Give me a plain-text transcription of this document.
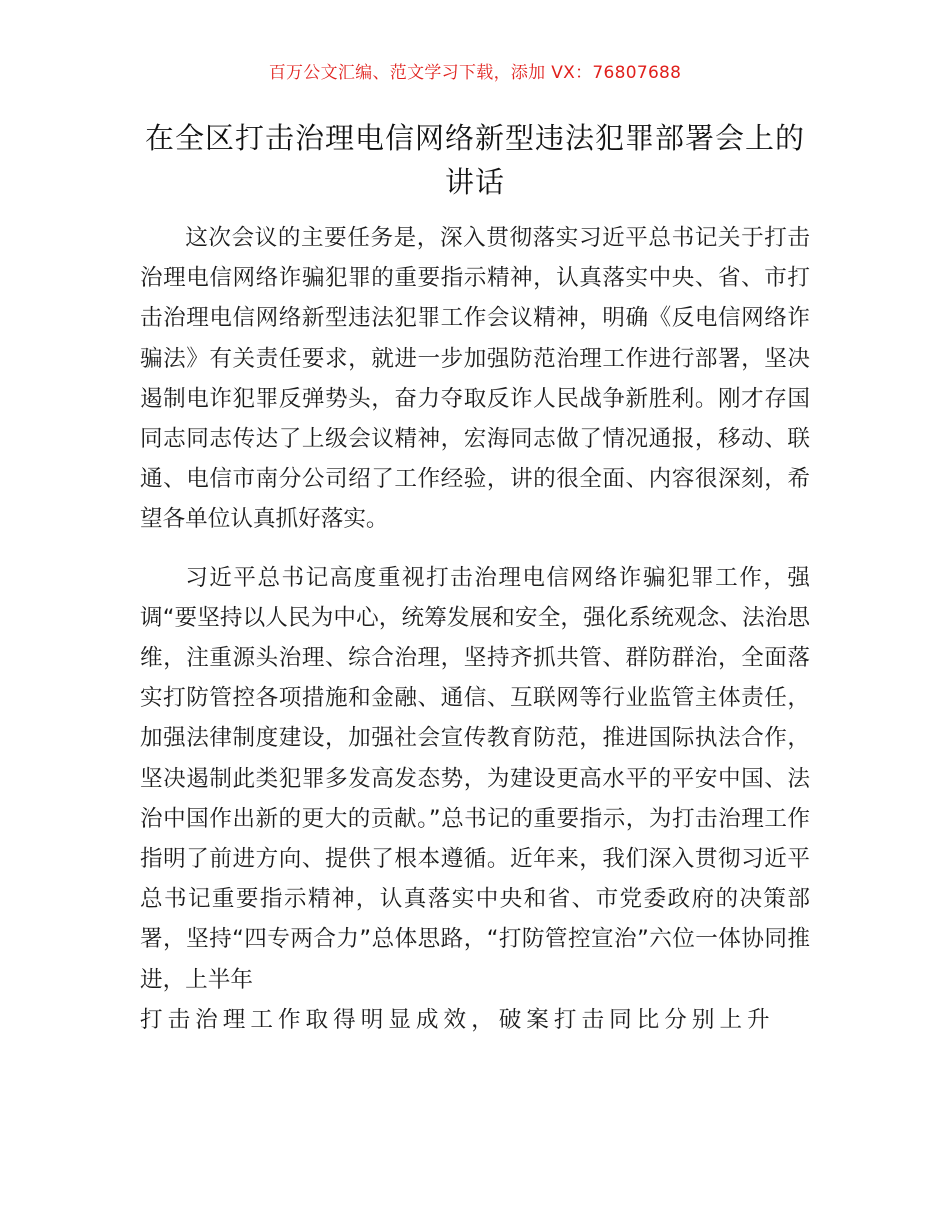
百万公文汇编、范文学习下载，添加 VX：76807688
在全区打击治理电信网络新型违法犯罪部署会上的讲话

这次会议的主要任务是，深入贯彻落实习近平总书记关于打击治理电信网络诈骗犯罪的重要指示精神，认真落实中央、省、市打击治理电信网络新型违法犯罪工作会议精神，明确《反电信网络诈骗法》有关责任要求，就进一步加强防范治理工作进行部署，坚决遏制电诈犯罪反弹势头，奋力夺取反诈人民战争新胜利。刚才存国同志同志传达了上级会议精神，宏海同志做了情况通报，移动、联通、电信市南分公司绍了工作经验，讲的很全面、内容很深刻，希望各单位认真抓好落实。

习近平总书记高度重视打击治理电信网络诈骗犯罪工作，强调“要坚持以人民为中心，统筹发展和安全，强化系统观念、法治思维，注重源头治理、综合治理，坚持齐抓共管、群防群治，全面落实打防管控各项措施和金融、通信、互联网等行业监管主体责任，加强法律制度建设，加强社会宣传教育防范，推进国际执法合作，坚决遏制此类犯罪多发高发态势，为建设更高水平的平安中国、法治中国作出新的更大的贡献。”总书记的重要指示，为打击治理工作指明了前进方向、提供了根本遵循。近年来，我们深入贯彻习近平总书记重要指示精神，认真落实中央和省、市党委政府的决策部署，坚持“四专两合力”总体思路，“打防管控宣治”六位一体协同推进，上半年

打击治理工作取得明显成效，破案打击同比分别上升
